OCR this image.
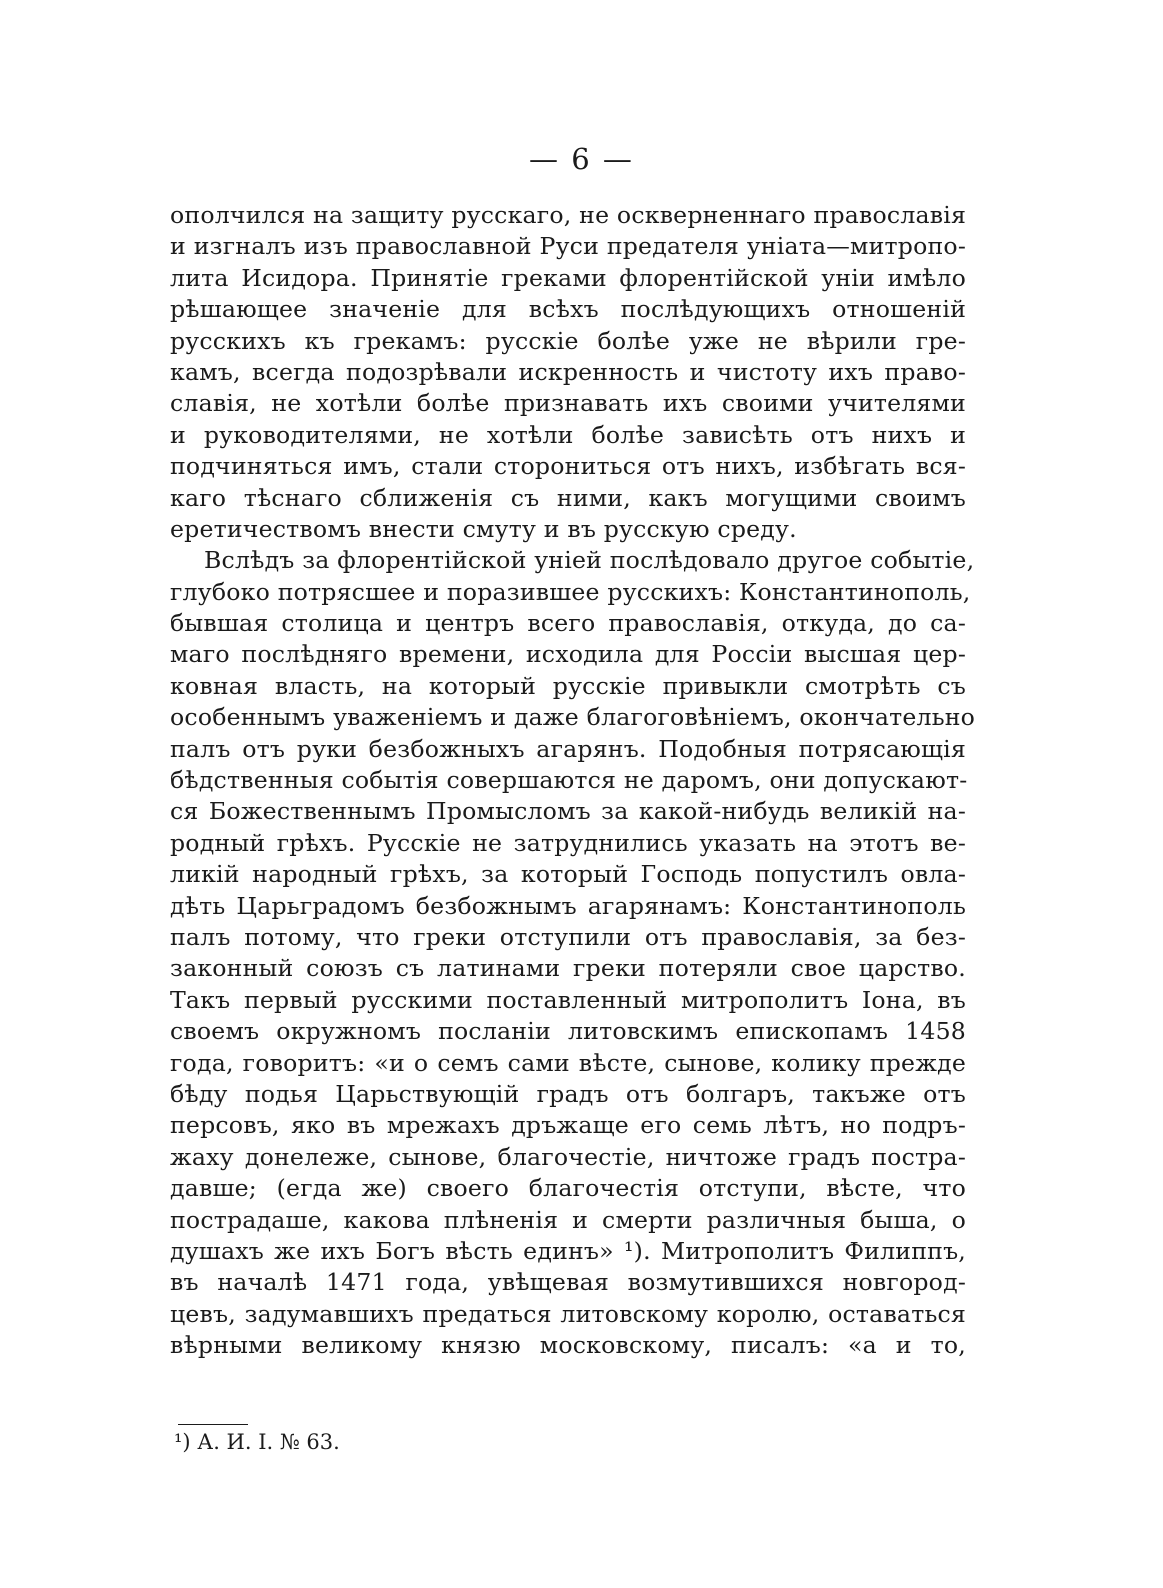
— 6 —
ополчился на защиту русскаго, не оскверненнаго православія
и изгналъ изъ православной Руси предателя уніата—митропо-
лита Исидора. Принятіе греками флорентійской уніи имѣло
рѣшающее значеніе для всѣхъ послѣдующихъ отношеній
русскихъ къ грекамъ: русскіе болѣе уже не вѣрили гре-
камъ, всегда подозрѣвали искренность и чистоту ихъ право-
славія, не хотѣли болѣе признавать ихъ своими учителями
и руководителями, не хотѣли болѣе зависѣть отъ нихъ и
подчиняться имъ, стали сторониться отъ нихъ, избѣгать вся-
каго тѣснаго сближенія съ ними, какъ могущими своимъ
еретичествомъ внести смуту и въ русскую среду.
Вслѣдъ за флорентійской уніей послѣдовало другое событіе,
глубоко потрясшее и поразившее русскихъ: Константинополь,
бывшая столица и центръ всего православія, откуда, до са-
маго послѣдняго времени, исходила для Россіи высшая цер-
ковная власть, на который русскіе привыкли смотрѣть съ
особеннымъ уваженіемъ и даже благоговѣніемъ, окончательно
палъ отъ руки безбожныхъ агарянъ. Подобныя потрясающія
бѣдственныя событія совершаются не даромъ, они допускают-
ся Божественнымъ Промысломъ за какой-нибудь великій на-
родный грѣхъ. Русскіе не затруднились указать на этотъ ве-
ликій народный грѣхъ, за который Господь попустилъ овла-
дѣть Царьградомъ безбожнымъ агарянамъ: Константинополь
палъ потому, что греки отступили отъ православія, за без-
законный союзъ съ латинами греки потеряли свое царство.
Такъ первый русскими поставленный митрополитъ Іона, въ
своемъ окружномъ посланіи литовскимъ епископамъ 1458
года, говоритъ: «и о семъ сами вѣсте, сынове, колику прежде
бѣду подья Царьствующій градъ отъ болгаръ, такъже отъ
персовъ, яко въ мрежахъ дръжаще его семь лѣтъ, но подръ-
жаху донележе, сынове, благочестіе, ничтоже градъ пострa-
давше; (егда же) своего благочестія отступи, вѣсте, что
пострадаше, какова плѣненія и смерти различныя быша, о
душахъ же ихъ Богъ вѣсть единъ» ¹). Митрополитъ Филиппъ,
въ началѣ 1471 года, увѣщевая возмутившихся новгород-
цевъ, задумавшихъ предаться литовскому королю, оставаться
вѣрными великому князю московскому, писалъ: «а и то,
¹) А. И. І. № 63.
